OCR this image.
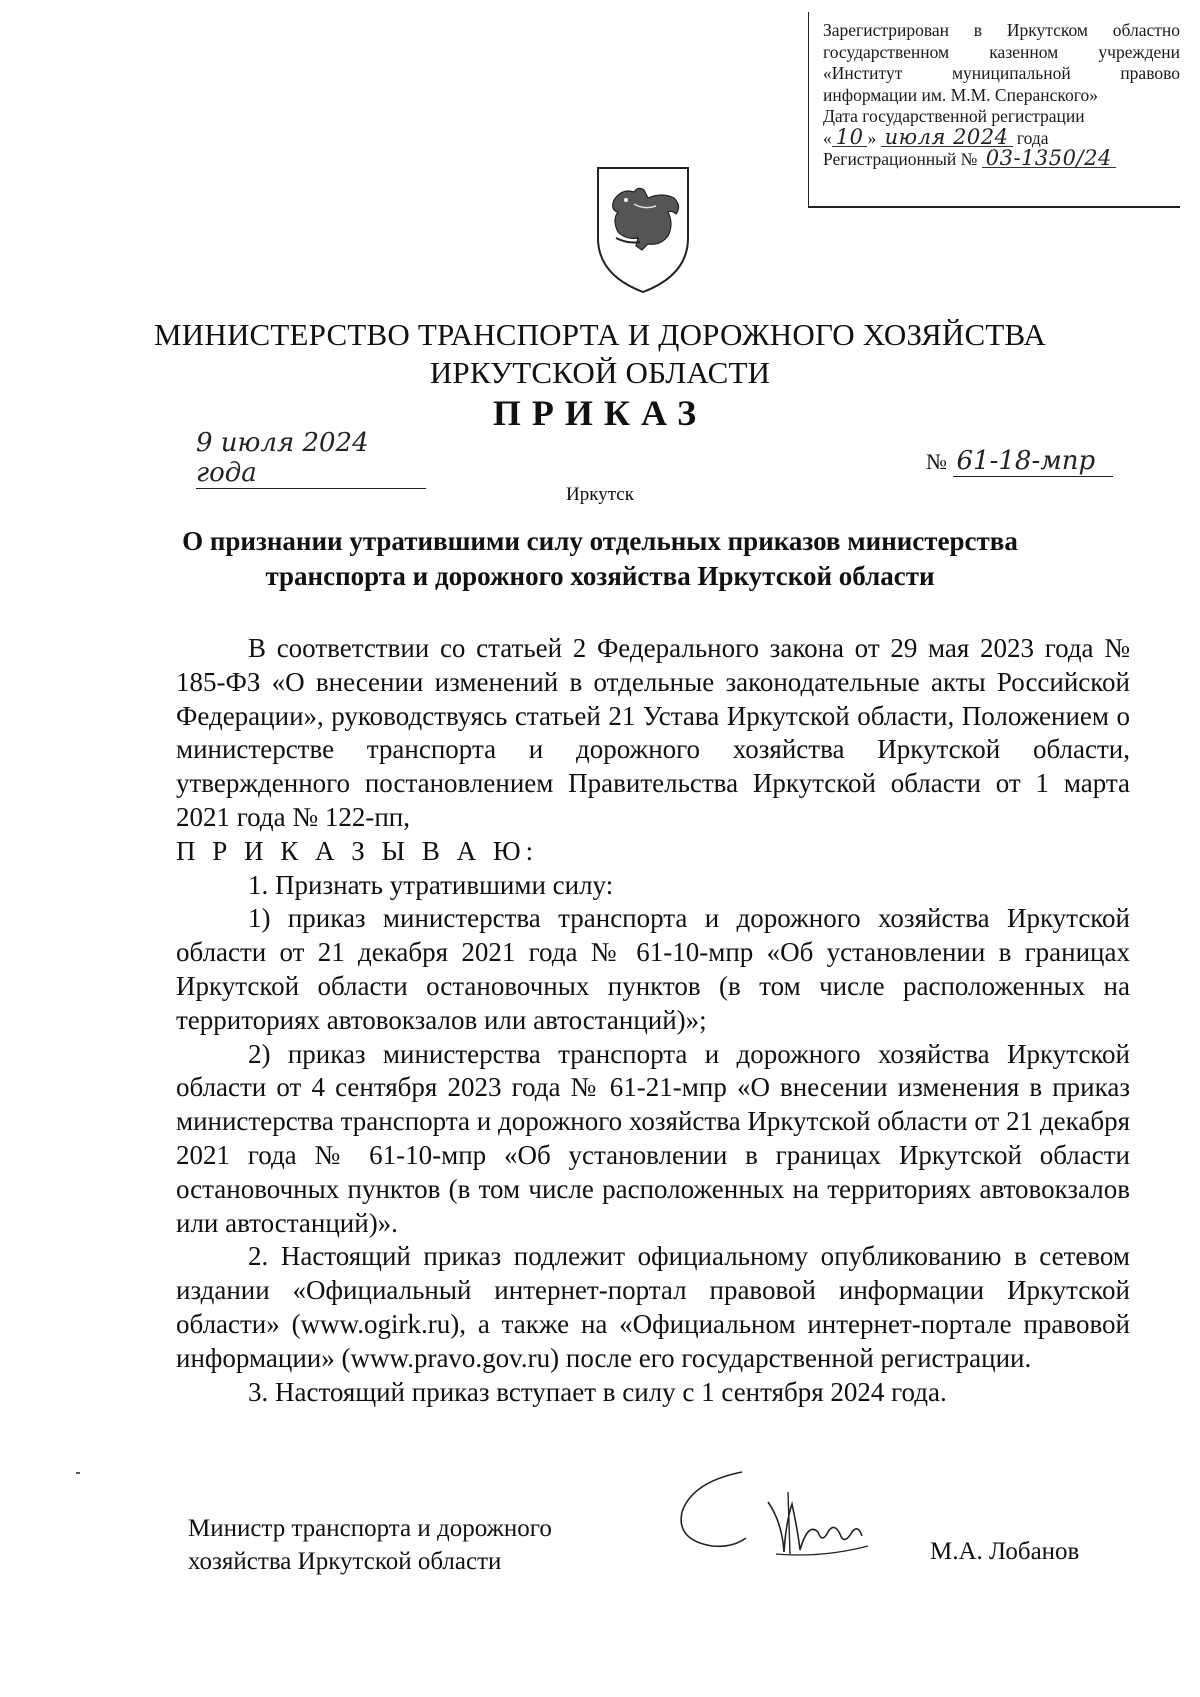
Зарегистрирован в Иркутском областно
государственном казенном учреждени
«Институт муниципальной правово
информации им. М.М. Сперанского»
Дата государственной регистрации
« 10 » июля 2024 года
Регистрационный № 03-1350/24
МИНИСТЕРСТВО ТРАНСПОРТА И ДОРОЖНОГО ХОЗЯЙСТВА
ИРКУТСКОЙ ОБЛАСТИ
ПРИКАЗ
9 июля 2024 года	№ 61-18-мпр
Иркутск
О признании утратившими силу отдельных приказов министерства
транспорта и дорожного хозяйства Иркутской области

В соответствии со статьей 2 Федерального закона от 29 мая 2023 года № 185-ФЗ «О внесении изменений в отдельные законодательные акты Российской Федерации», руководствуясь статьей 21 Устава Иркутской области, Положением о министерстве транспорта и дорожного хозяйства Иркутской области, утвержденного постановлением Правительства Иркутской области от 1 марта 2021 года № 122-пп,

П Р И К А З Ы В А Ю:

1. Признать утратившими силу:

1) приказ министерства транспорта и дорожного хозяйства Иркутской области от 21 декабря 2021 года № 61-10-мпр «Об установлении в границах Иркутской области остановочных пунктов (в том числе расположенных на территориях автовокзалов или автостанций)»;

2) приказ министерства транспорта и дорожного хозяйства Иркутской области от 4 сентября 2023 года № 61-21-мпр «О внесении изменения в приказ министерства транспорта и дорожного хозяйства Иркутской области от 21 декабря 2021 года № 61-10-мпр «Об установлении в границах Иркутской области остановочных пунктов (в том числе расположенных на территориях автовокзалов или автостанций)».

2. Настоящий приказ подлежит официальному опубликованию в сетевом издании «Официальный интернет-портал правовой информации Иркутской области» (www.ogirk.ru), а также на «Официальном интернет-портале правовой информации» (www.pravo.gov.ru) после его государственной регистрации.

3. Настоящий приказ вступает в силу с 1 сентября 2024 года.

Министр транспорта и дорожного
хозяйства Иркутской области	М.А. Лобанов
